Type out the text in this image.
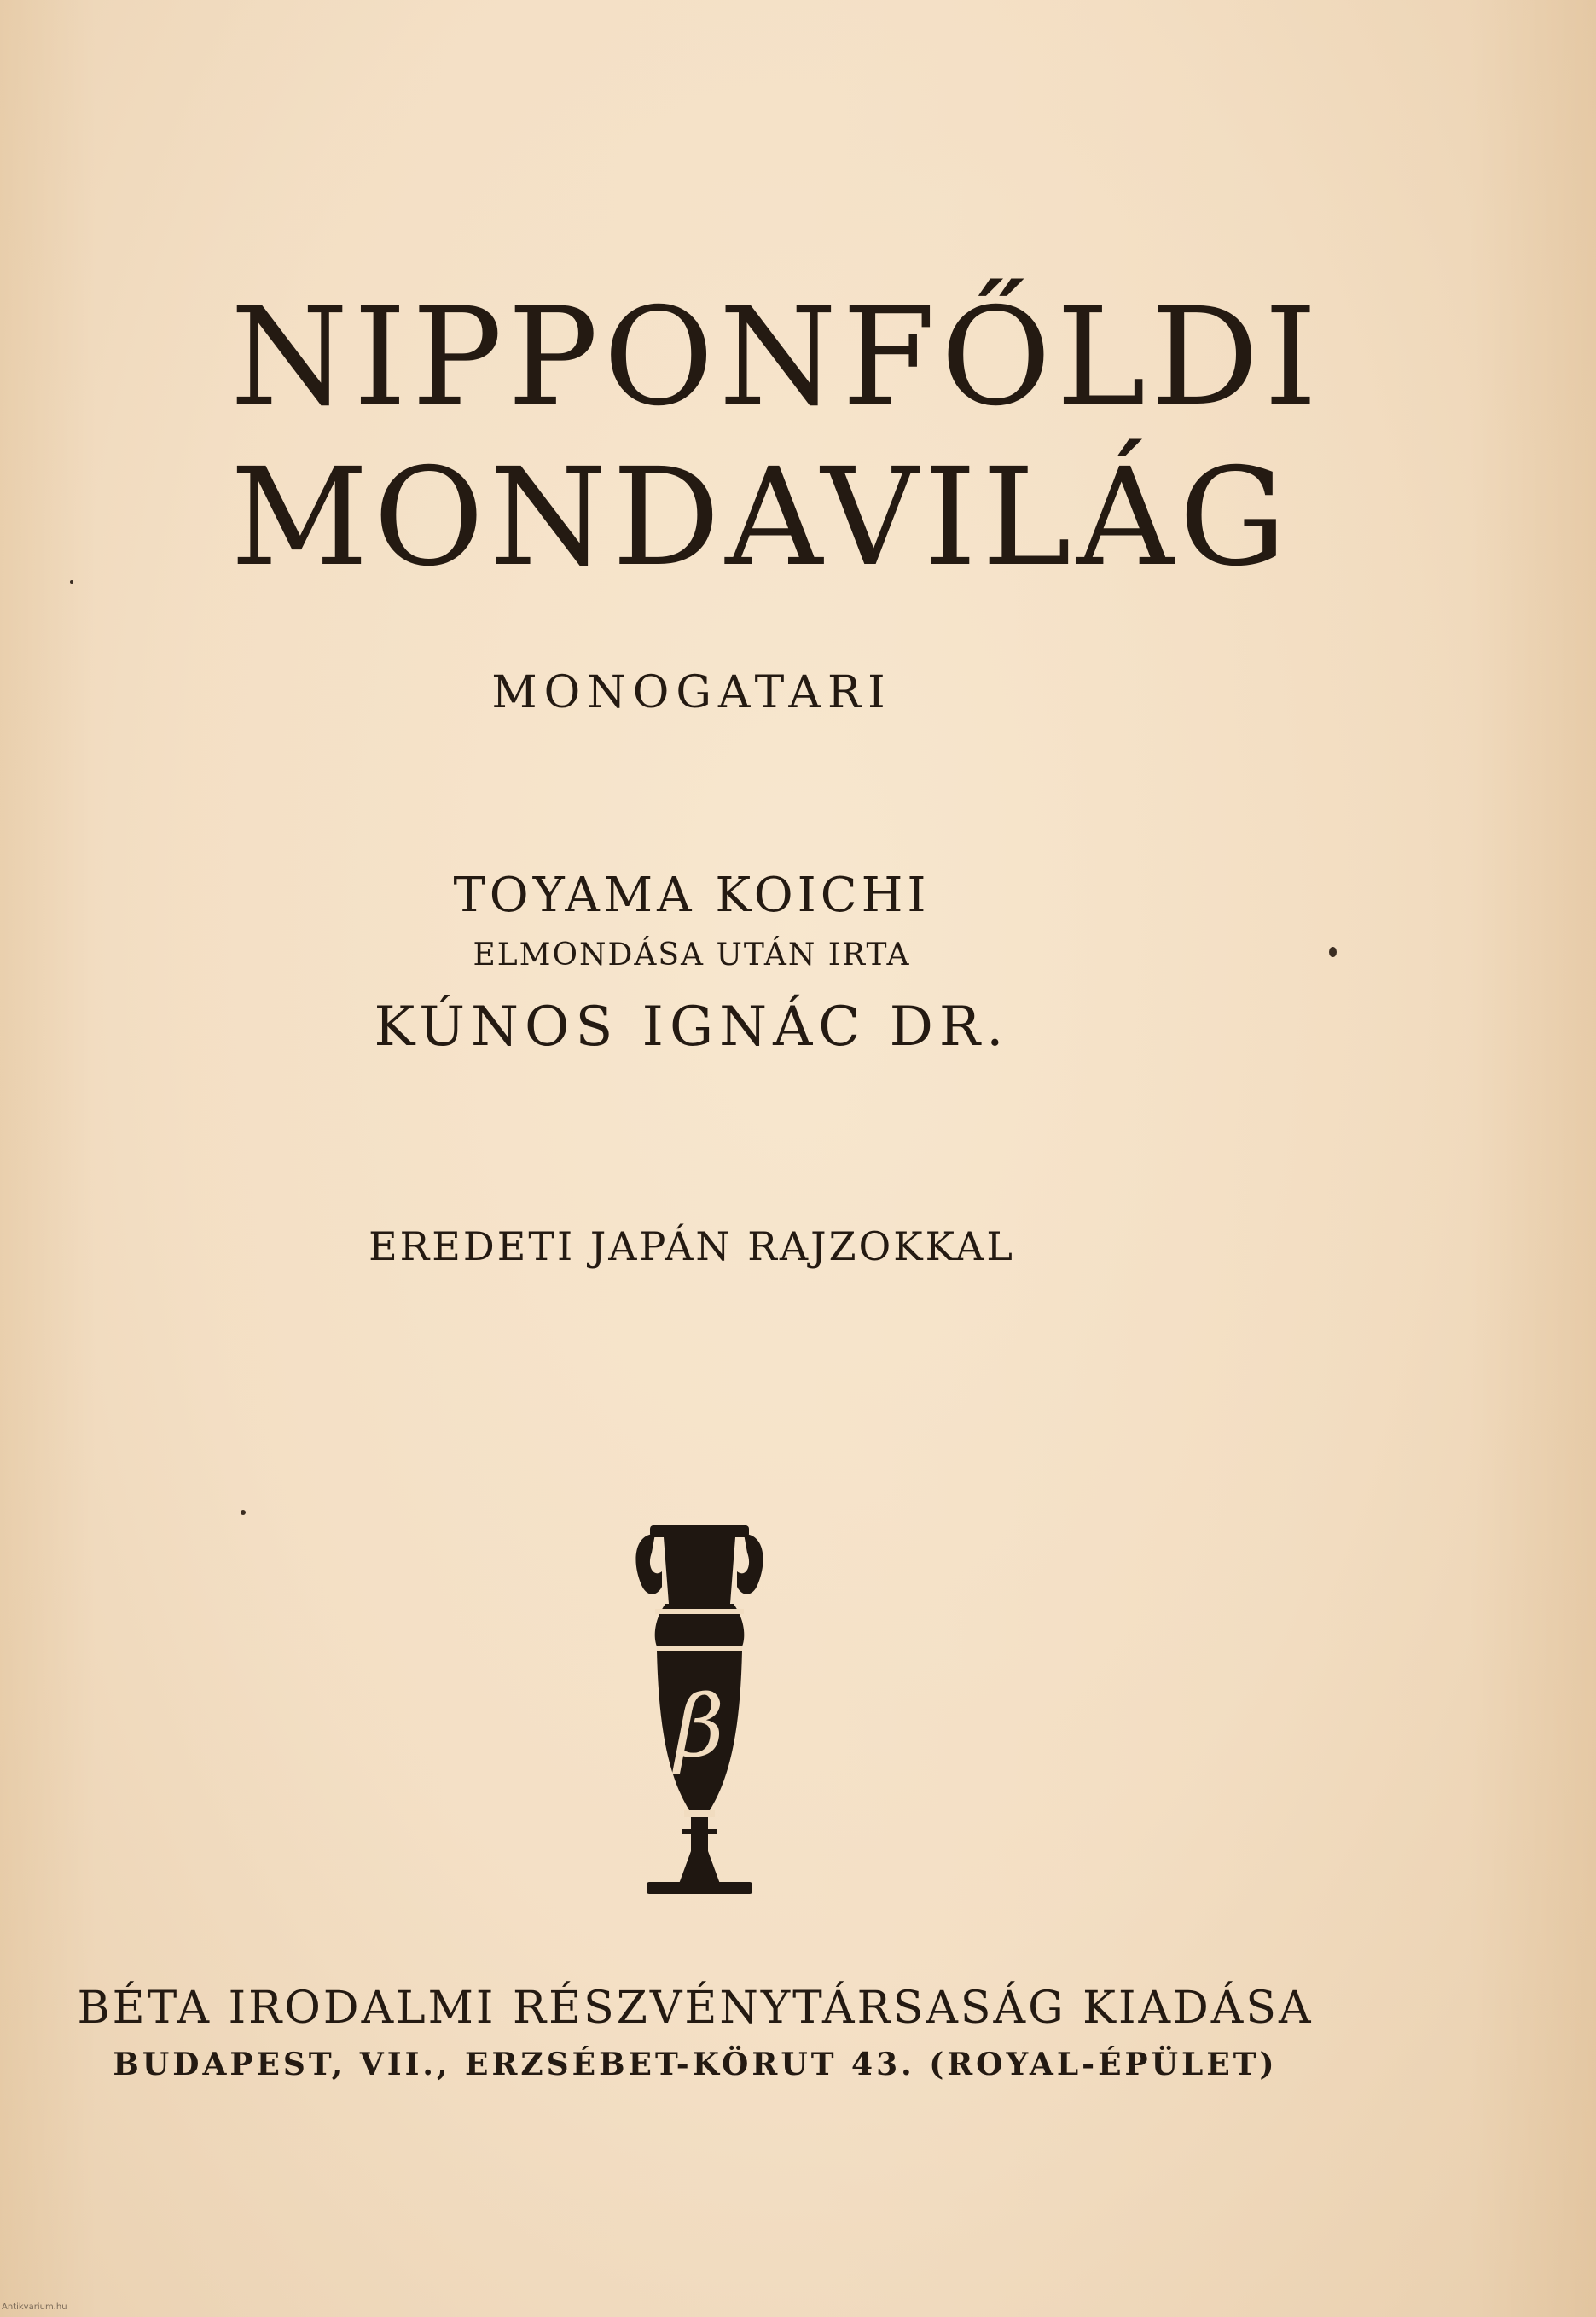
NIPPONFŐLDI
MONDAVILÁG
MONOGATARI
TOYAMA KOICHI
ELMONDÁSA UTÁN IRTA
KÚNOS IGNÁC DR.
EREDETI JAPÁN RAJZOKKAL
β
BÉTA IRODALMI RÉSZVÉNYTÁRSASÁG KIADÁSA
BUDAPEST, VII., ERZSÉBET-KÖRUT 43. (ROYAL-ÉPÜLET)
Antikvarium.hu
